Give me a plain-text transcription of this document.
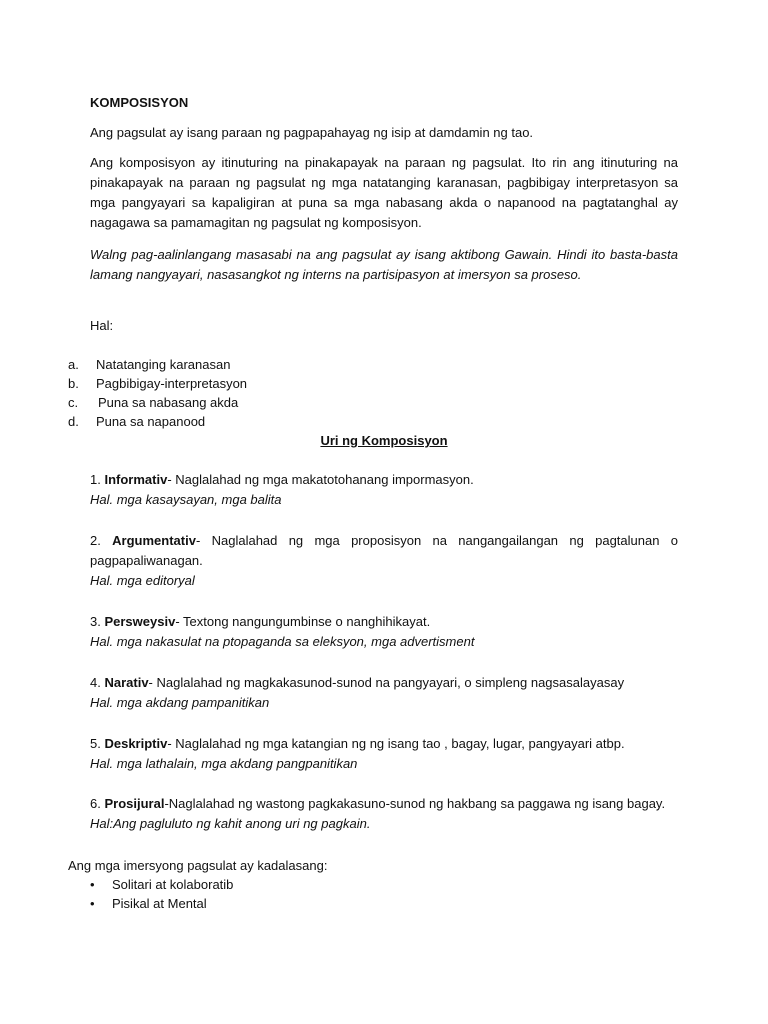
KOMPOSISYON
Ang pagsulat ay isang paraan ng pagpapahayag ng isip at damdamin ng tao.
Ang komposisyon ay itinuturing na pinakapayak na paraan ng pagsulat. Ito rin ang itinuturing na pinakapayak na paraan ng pagsulat ng mga natatanging karanasan, pagbibigay interpretasyon sa mga pangyayari sa kapaligiran at puna sa mga nabasang akda o napanood na pagtatanghal ay nagagawa sa pamamagitan ng pagsulat ng komposisyon.
Walng pag-aalinlangang masasabi na ang pagsulat ay isang aktibong Gawain. Hindi ito basta-basta lamang nangyayari, nasasangkot ng interns na partisipasyon at imersyon sa proseso.
Hal:
a. Natatanging karanasan
b. Pagbibigay-interpretasyon
c. Puna sa nabasang akda
d. Puna sa napanood
Uri ng Komposisyon
1. Informativ- Naglalahad ng mga makatotohanang impormasyon.
Hal. mga kasaysayan, mga balita
2. Argumentativ- Naglalahad ng mga proposisyon na nangangailangan ng pagtalunan o pagpapaliwanagan.
Hal. mga editoryal
3. Persweysiv- Textong nangungumbinse o nanghihikayat.
Hal. mga nakasulat na ptopaganda sa eleksyon, mga advertisment
4. Narativ- Naglalahad ng magkakasunod-sunod na pangyayari, o simpleng nagsasalayasay
Hal. mga akdang pampanitikan
5. Deskriptiv- Naglalahad ng mga katangian ng ng isang tao , bagay, lugar, pangyayari atbp.
Hal. mga lathalain, mga akdang pangpanitikan
6. Prosijural-Naglalahad ng wastong pagkakasuno-sunod ng hakbang sa paggawa ng isang bagay.
Hal:Ang pagluluto ng kahit anong uri ng pagkain.
Ang mga imersyong pagsulat ay kadalasang:
• Solitari at kolaboratib
• Pisikal at Mental
